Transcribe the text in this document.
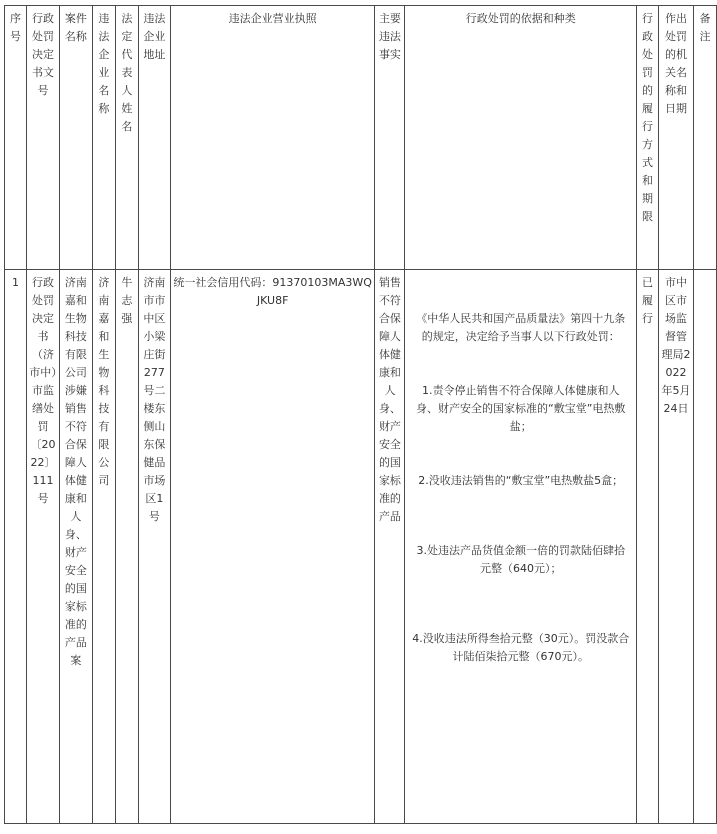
序号	行政处罚决定书文号	案件名称	违法企业名称	法定代表人姓名	违法企业地址	违法企业营业执照	主要违法事实	行政处罚的依据和种类	行政处罚的履行方式和期限	作出处罚的机关名称和日期	备注
1	行政处罚决定书（济市中）市监缮处罚〔2022〕111号	济南嘉和生物科技有限公司涉嫌销售不符合保障人体健康和人身、财产安全的国家标准的产品案	济南嘉和生物科技有限公司	牛志强	济南市市中区小梁庄街277号二楼东侧山东保健品市场区1号	统一社会信用代码：91370103MA3WQJKU8F	销售不符合保障人体健康和人身、财产安全的国家标准的产品	《中华人民共和国产品质量法》第四十九条的规定，决定给予当事人以下行政处罚：

1.责令停止销售不符合保障人体健康和人身、财产安全的国家标准的“敷宝堂”电热敷盐；

2.没收违法销售的“敷宝堂”电热敷盐5盒；

3.处违法产品货值金额一倍的罚款陆佰肆拾元整（640元）；

4.没收违法所得叁拾元整（30元）。罚没款合计陆佰柒拾元整（670元）。	已履行	市中区市场监督管理局2022年5月24日	
